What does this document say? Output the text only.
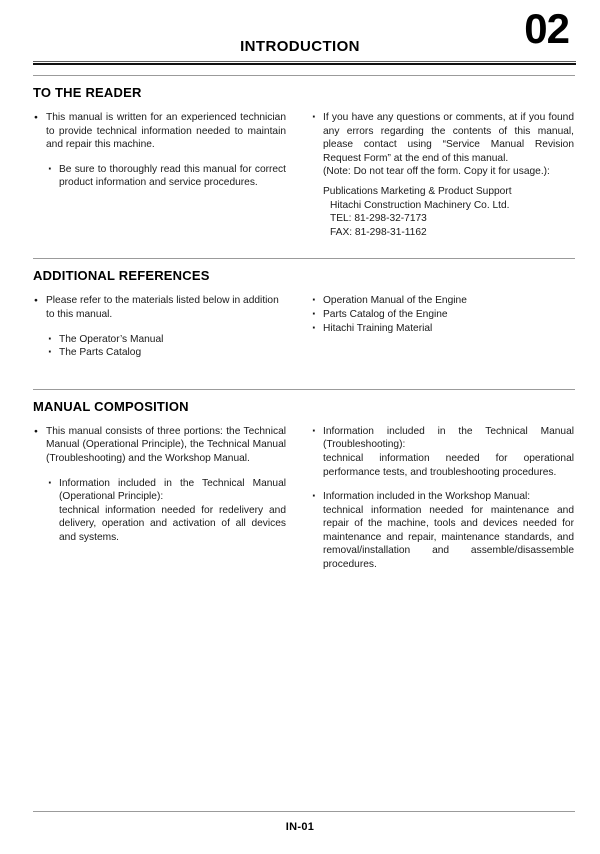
02
INTRODUCTION
TO THE READER
● This manual is written for an experienced technician to provide technical information needed to maintain and repair this machine.
· Be sure to thoroughly read this manual for correct product information and service procedures.
· If you have any questions or comments, at if you found any errors regarding the contents of this manual, please contact using “Service Manual Revision Request Form” at the end of this manual.
(Note: Do not tear off the form. Copy it for usage.):
Publications Marketing & Product Support
Hitachi Construction Machinery Co. Ltd.
TEL: 81-298-32-7173
FAX: 81-298-31-1162
ADDITIONAL REFERENCES
● Please refer to the materials listed below in addition to this manual.
· The Operator’s Manual
· The Parts Catalog
· Operation Manual of the Engine
· Parts Catalog of the Engine
· Hitachi Training Material
MANUAL COMPOSITION
● This manual consists of three portions: the Technical Manual (Operational Principle), the Technical Manual (Troubleshooting) and the Workshop Manual.
· Information included in the Technical Manual (Operational Principle):
technical information needed for redelivery and delivery, operation and activation of all devices and systems.
· Information included in the Technical Manual (Troubleshooting):
technical information needed for operational performance tests, and troubleshooting procedures.
· Information included in the Workshop Manual:
technical information needed for maintenance and repair of the machine, tools and devices needed for maintenance and repair, maintenance standards, and removal/installation and assemble/disassemble procedures.
IN-01
